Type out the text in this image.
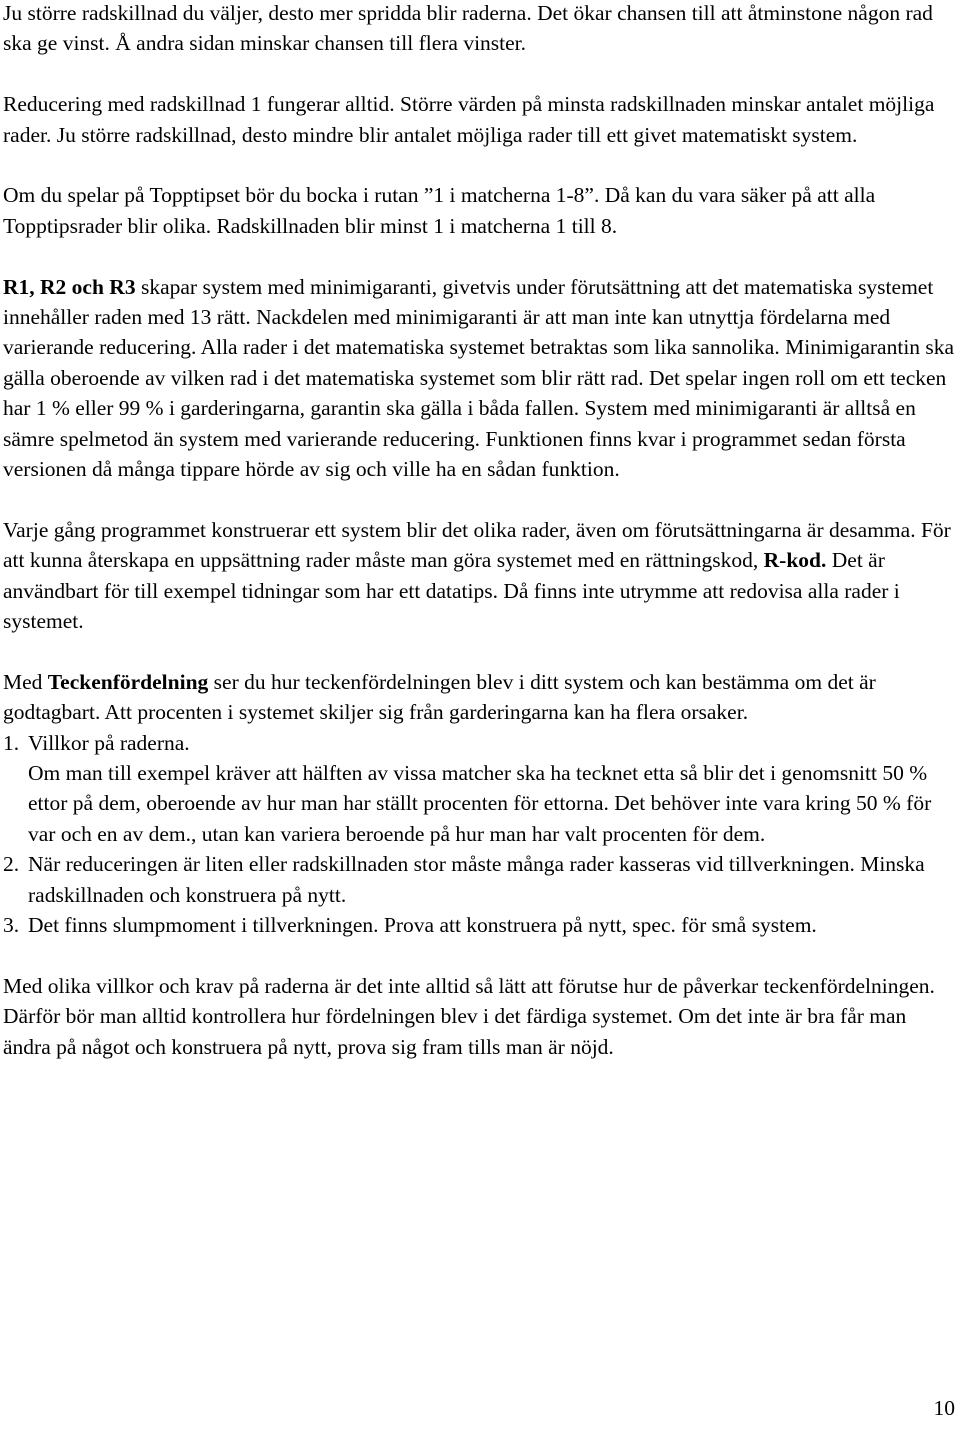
Ju större radskillnad du väljer, desto mer spridda blir raderna. Det ökar chansen till att åtminstone någon rad ska ge vinst. Å andra sidan minskar chansen till flera vinster.

Reducering med radskillnad 1 fungerar alltid. Större värden på minsta radskillnaden minskar antalet möjliga rader. Ju större radskillnad, desto mindre blir antalet möjliga rader till ett givet matematiskt system.

Om du spelar på Topptipset bör du bocka i rutan ”1 i matcherna 1-8”. Då kan du vara säker på att alla Topptipsrader blir olika. Radskillnaden blir minst 1 i matcherna 1 till 8.

R1, R2 och R3 skapar system med minimigaranti, givetvis under förutsättning att det matematiska systemet innehåller raden med 13 rätt. Nackdelen med minimigaranti är att man inte kan utnyttja fördelarna med varierande reducering. Alla rader i det matematiska systemet betraktas som lika sannolika. Minimigarantin ska gälla oberoende av vilken rad i det matematiska systemet som blir rätt rad. Det spelar ingen roll om ett tecken har 1 % eller 99 % i garderingarna, garantin ska gälla i båda fallen. System med minimigaranti är alltså en sämre spelmetod än system med varierande reducering. Funktionen finns kvar i programmet sedan första versionen då många tippare hörde av sig och ville ha en sådan funktion.

Varje gång programmet konstruerar ett system blir det olika rader, även om förutsättningarna är desamma. För att kunna återskapa en uppsättning rader måste man göra systemet med en rättningskod, R-kod. Det är användbart för till exempel tidningar som har ett datatips. Då finns inte utrymme att redovisa alla rader i systemet.

Med Teckenfördelning ser du hur teckenfördelningen blev i ditt system och kan bestämma om det är godtagbart. Att procenten i systemet skiljer sig från garderingarna kan ha flera orsaker.

1. Villkor på raderna.
Om man till exempel kräver att hälften av vissa matcher ska ha tecknet etta så blir det i genomsnitt 50 % ettor på dem, oberoende av hur man har ställt procenten för ettorna. Det behöver inte vara kring 50 % för var och en av dem., utan kan variera beroende på hur man har valt procenten för dem.
2. När reduceringen är liten eller radskillnaden stor måste många rader kasseras vid tillverkningen. Minska radskillnaden och konstruera på nytt.
3. Det finns slumpmoment i tillverkningen. Prova att konstruera på nytt, spec. för små system.

Med olika villkor och krav på raderna är det inte alltid så lätt att förutse hur de påverkar teckenfördelningen. Därför bör man alltid kontrollera hur fördelningen blev i det färdiga systemet. Om det inte är bra får man ändra på något och konstruera på nytt, prova sig fram tills man är nöjd.

10
